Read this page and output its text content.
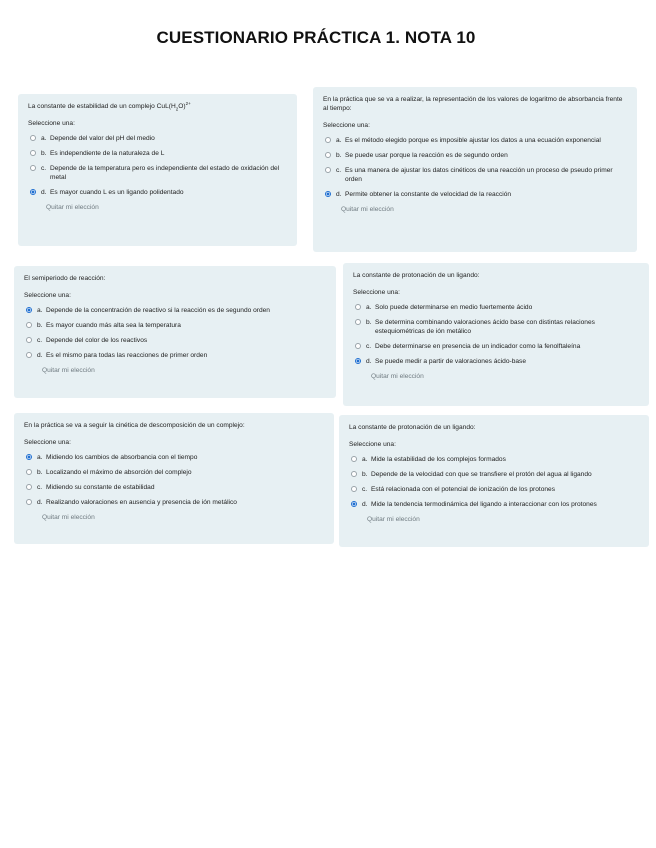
CUESTIONARIO PRÁCTICA 1. NOTA 10
La constante de estabilidad de un complejo $CuL(H_2O)^{2+}$
Seleccione una:
a. Depende del valor del pH del medio
b. Es independiente de la naturaleza de L
c. Depende de la temperatura pero es independiente del estado de oxidación del metal
d. Es mayor cuando L es un ligando polidentado
Quitar mi elección
En la práctica que se va a realizar, la representación de los valores de logaritmo de absorbancia frente al tiempo:
Seleccione una:
a. Es el método elegido porque es imposible ajustar los datos a una ecuación exponencial
b. Se puede usar porque la reacción es de segundo orden
c. Es una manera de ajustar los datos cinéticos de una reacción un proceso de pseudo primer orden
d. Permite obtener la constante de velocidad de la reacción
Quitar mi elección
El semiperiodo de reacción:
Seleccione una:
a. Depende de la concentración de reactivo si la reacción es de segundo orden
b. Es mayor cuando más alta sea la temperatura
c. Depende del color de los reactivos
d. Es el mismo para todas las reacciones de primer orden
Quitar mi elección
La constante de protonación de un ligando:
Seleccione una:
a. Solo puede determinarse en medio fuertemente ácido
b. Se determina combinando valoraciones ácido base con distintas relaciones estequiométricas de ión metálico
c. Debe determinarse en presencia de un indicador como la fenolftaleína
d. Se puede medir a partir de valoraciones ácido-base
Quitar mi elección
En la práctica se va a seguir la cinética de descomposición de un complejo:
Seleccione una:
a. Midiendo los cambios de absorbancia con el tiempo
b. Localizando el máximo de absorción del complejo
c. Midiendo su constante de estabilidad
d. Realizando valoraciones en ausencia y presencia de ión metálico
Quitar mi elección
La constante de protonación de un ligando:
Seleccione una:
a. Mide la estabilidad de los complejos formados
b. Depende de la velocidad con que se transfiere el protón del agua al ligando
c. Está relacionada con el potencial de ionización de los protones
d. Mide la tendencia termodinámica del ligando a interaccionar con los protones
Quitar mi elección
